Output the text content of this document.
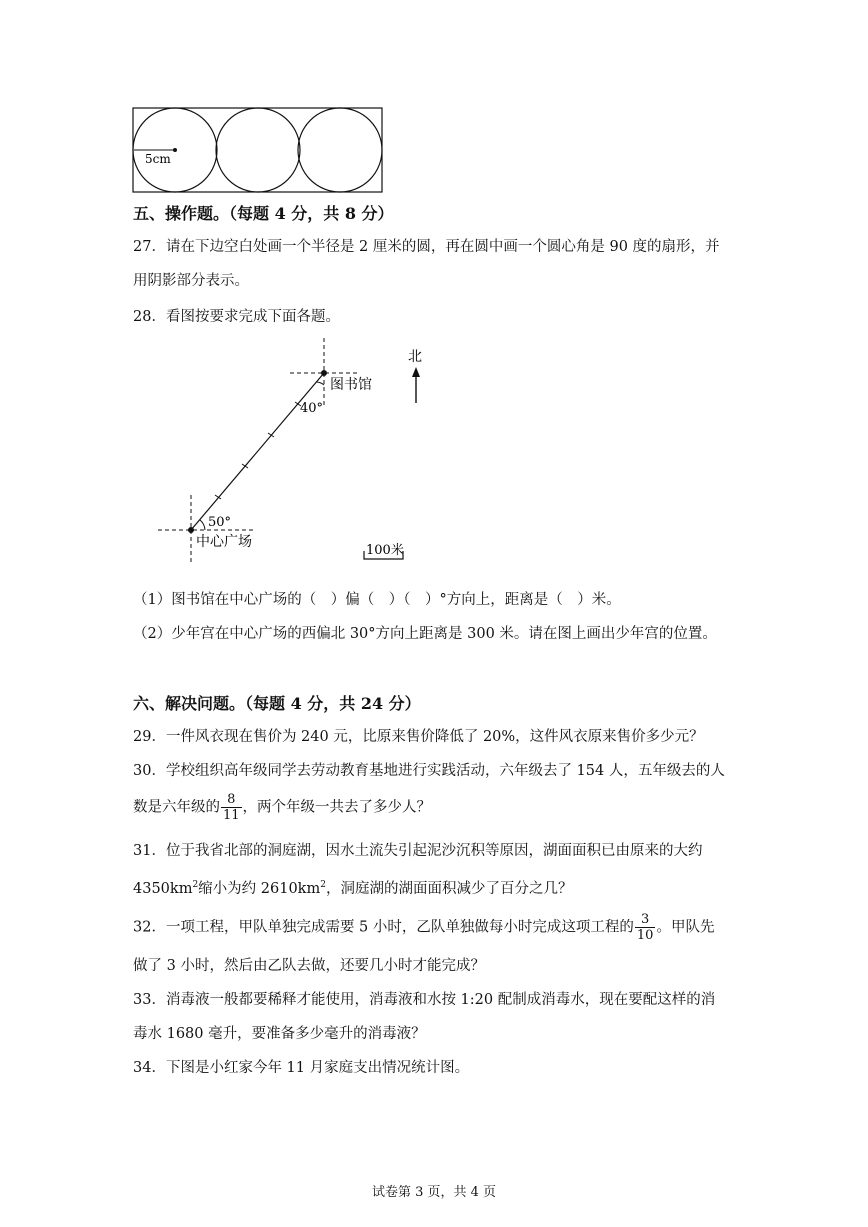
5cm
五、操作题。（每题 4 分，共 8 分）
27．请在下边空白处画一个半径是 2 厘米的圆，再在圆中画一个圆心角是 90 度的扇形，并
用阴影部分表示。
28．看图按要求完成下面各题。
图书馆
40°
50°
中心广场
北
100米
（1）图书馆在中心广场的（　）偏（　）（　）°方向上，距离是（　）米。
（2）少年宫在中心广场的西偏北 30°方向上距离是 300 米。请在图上画出少年宫的位置。
六、解决问题。（每题 4 分，共 24 分）
29．一件风衣现在售价为 240 元，比原来售价降低了 20%，这件风衣原来售价多少元？
30．学校组织高年级同学去劳动教育基地进行实践活动，六年级去了 154 人，五年级去的人
数是六年级的 $\frac{8}{11}$ ，两个年级一共去了多少人？
31．位于我省北部的洞庭湖，因水土流失引起泥沙沉积等原因，湖面面积已由原来的大约
$4350km^2$缩小为约 $2610km^2$，洞庭湖的湖面面积减少了百分之几？
32．一项工程，甲队单独完成需要 5 小时，乙队单独做每小时完成这项工程的 $\frac{3}{10}$ 。甲队先
做了 3 小时，然后由乙队去做，还要几小时才能完成？
33．消毒液一般都要稀释才能使用，消毒液和水按 1:20 配制成消毒水，现在要配这样的消
毒水 1680 毫升，要准备多少毫升的消毒液？
34．下图是小红家今年 11 月家庭支出情况统计图。
试卷第 3 页，共 4 页
